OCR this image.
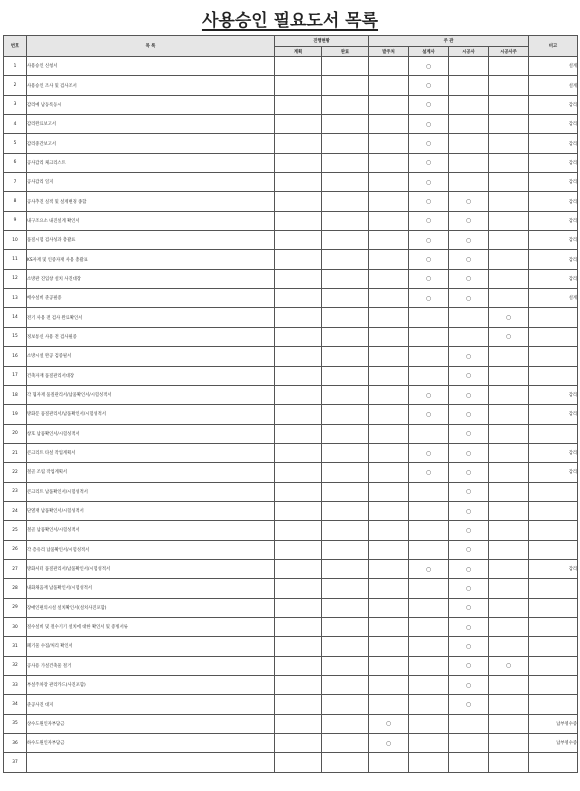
사용승인 필요도서 목록
번호	목 록	진행현황		주 관				비고
		계획	완료	발주처	설계사	시공사	시공사주	
1	사용승인 신청서				○			설계
2	사용승인 조사 및 검사조서				○			설계
3	감리예 남동록동시				○			감리
4	감리완료보고서				○			감리
5	감리중간보고서				○			감리
6	공사감리 체크리스트				○			감리
7	공사감리 일지				○			감리
8	공사추진 실적 및 설계변경 종합				○	○		감리
9	내구조요소 내진설계 확인서				○	○		감리
10	품질시험 검사성과 총괄표				○	○		감리
11	KS자재 및 인증자재 사용 총괄표				○	○		감리
12	소방관 진입창 설치 사진대장				○	○		감리
13	배수설비 준공필증				○	○		설계
14	전기 사용 전 검사 완료확인서						○	
15	정보통신 사용 전 검사필증						○	
16	소방시설 완공 검증필서					○		
17	건축자재 품질관리서대장					○		
18	각 협자재 품질관리서/납품확인서/시험성적서				○	○		감리
19	방화문 품질관리서/납품확인서/시험성적서				○	○		감리
20	창호 납품확인서/시험성적서					○		
21	콘크리트 타설 작업계획서				○	○		감리
22	철골 조립 작업계획서				○	○		감리
23	콘크리트 납품확인서/시험성적서					○		
24	단열재 납품확인서/시험성적서					○		
25	철골 납품확인서/시험성적서					○		
26	각 층유리 납품확인서/시험성적서					○		
27	방화셔터 품질관리서/납품확인서/시험성적서				○	○		감리
28	내화채움재 납품확인서/시험성적서					○		
29	장애인편의시설 설치확인서(설치사진포함)					○		
30	절수설비 및 절수기기 설치에 대한 확인서 및 증빙서류					○		
31	폐기물 수집/처리 확인서					○		
32	공사용 가설건축물 철거					○	○	
33	부설주차장 관리카드(사진포함)					○		
34	준공사진 대지					○		
35	상수도원인자부담금			○				납부영수증
36	하수도원인자부담금			○				납부영수증
37								
